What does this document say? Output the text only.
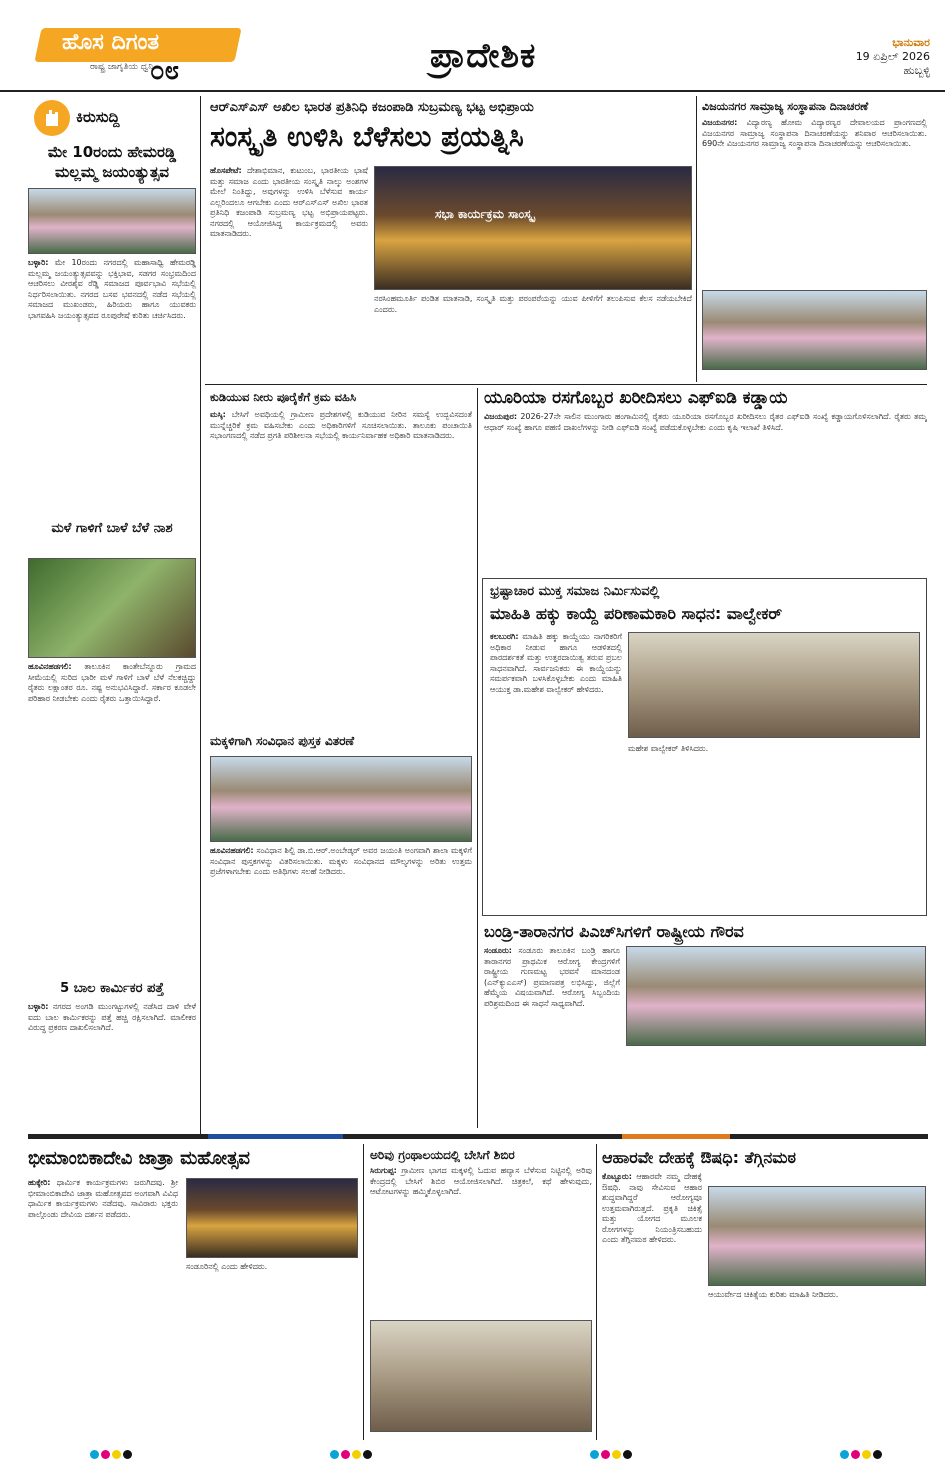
ಹೊಸ ದಿಗಂತ
೦೮
ರಾಷ್ಟ್ರ ಜಾಗೃತಿಯ ಧ್ವನಿ	ಪ್ರಾದೇಶಿಕ	ಭಾನುವಾರ
19 ಏಪ್ರಿಲ್ 2026
ಹುಬ್ಬಳ್ಳಿ
ಕಿರುಸುದ್ದಿ
ಮೇ 10ರಂದು ಹೇಮರಡ್ಡಿ ಮಲ್ಲಮ್ಮ ಜಯಂತ್ಯುತ್ಸವ
ಬಳ್ಳಾರಿ: ಮೇ 10ರಂದು ನಗರದಲ್ಲಿ ಮಹಾಸಾಧ್ವಿ ಹೇಮರಡ್ಡಿ ಮಲ್ಲಮ್ಮ ಜಯಂತ್ಯುತ್ಸವವನ್ನು ಭಕ್ತಿಭಾವ, ಸಡಗರ ಸಂಭ್ರಮದಿಂದ ಆಚರಿಸಲು ವೀರಶೈವ ರೆಡ್ಡಿ ಸಮಾಜದ ಪೂರ್ವಭಾವಿ ಸಭೆಯಲ್ಲಿ ನಿರ್ಧರಿಸಲಾಯಿತು. ನಗರದ ಬಸವ ಭವನದಲ್ಲಿ ನಡೆದ ಸಭೆಯಲ್ಲಿ ಸಮಾಜದ ಮುಖಂಡರು, ಹಿರಿಯರು ಹಾಗೂ ಯುವಕರು ಭಾಗವಹಿಸಿ ಜಯಂತ್ಯುತ್ಸವದ ರೂಪುರೇಷೆ ಕುರಿತು ಚರ್ಚಿಸಿದರು.
ಮಳೆ ಗಾಳಿಗೆ ಬಾಳೆ ಬೆಳೆ ನಾಶ
ಹೂವಿನಹಡಗಲಿ: ತಾಲೂಕಿನ ಕಾಂತೇಬೆನ್ನೂರು ಗ್ರಾಮದ ಸೀಮೆಯಲ್ಲಿ ಸುರಿದ ಭಾರೀ ಮಳೆ ಗಾಳಿಗೆ ಬಾಳೆ ಬೆಳೆ ನೆಲಕಚ್ಚಿದ್ದು ರೈತರು ಲಕ್ಷಾಂತರ ರೂ. ನಷ್ಟ ಅನುಭವಿಸಿದ್ದಾರೆ. ಸರ್ಕಾರ ಕೂಡಲೇ ಪರಿಹಾರ ನೀಡಬೇಕು ಎಂದು ರೈತರು ಒತ್ತಾಯಿಸಿದ್ದಾರೆ.
5 ಬಾಲ ಕಾರ್ಮಿಕರ ಪತ್ತೆ
ಬಳ್ಳಾರಿ: ನಗರದ ಅಂಗಡಿ ಮುಂಗಟ್ಟುಗಳಲ್ಲಿ ನಡೆಸಿದ ದಾಳಿ ವೇಳೆ ಐದು ಬಾಲ ಕಾರ್ಮಿಕರನ್ನು ಪತ್ತೆ ಹಚ್ಚಿ ರಕ್ಷಿಸಲಾಗಿದೆ. ಮಾಲೀಕರ ವಿರುದ್ಧ ಪ್ರಕರಣ ದಾಖಲಿಸಲಾಗಿದೆ.
ಆರ್‌ಎಸ್‌ಎಸ್ ಅಖಿಲ ಭಾರತ ಪ್ರತಿನಿಧಿ ಕಜಂಪಾಡಿ ಸುಬ್ರಮಣ್ಯ ಭಟ್ಟ ಅಭಿಪ್ರಾಯ
ಸಂಸ್ಕೃತಿ ಉಳಿಸಿ ಬೆಳೆಸಲು ಪ್ರಯತ್ನಿಸಿ
ಹೊಸಪೇಟೆ: ದೇಶಾಭಿಮಾನ, ಕುಟುಂಬ, ಭಾರತೀಯ ಭಾಷೆ ಮತ್ತು ಸಮಾಜ ಎಂದು ಭಾರತೀಯ ಸಂಸ್ಕೃತಿ ನಾಲ್ಕು ಅಂಶಗಳ ಮೇಲೆ ನಿಂತಿದ್ದು, ಅವುಗಳನ್ನು ಉಳಿಸಿ ಬೆಳೆಸುವ ಕಾರ್ಯ ಎಲ್ಲರಿಂದಲೂ ಆಗಬೇಕು ಎಂದು ಆರ್‌ಎಸ್‌ಎಸ್ ಅಖಿಲ ಭಾರತ ಪ್ರತಿನಿಧಿ ಕಜಂಪಾಡಿ ಸುಬ್ರಮಣ್ಯ ಭಟ್ಟ ಅಭಿಪ್ರಾಯಪಟ್ಟರು. ನಗರದಲ್ಲಿ ಆಯೋಜಿಸಿದ್ದ ಕಾರ್ಯಕ್ರಮದಲ್ಲಿ ಅವರು ಮಾತನಾಡಿದರು.
ಸಭಾ ಕಾರ್ಯಕ್ರಮ ಸಾಂಸ್ಕೃ
ನರಸಿಂಹಮೂರ್ತಿ ಪಂಡಿತ ಮಾತನಾಡಿ, ಸಂಸ್ಕೃತಿ ಮತ್ತು ಪರಂಪರೆಯನ್ನು ಯುವ ಪೀಳಿಗೆಗೆ ತಲುಪಿಸುವ ಕೆಲಸ ನಡೆಯಬೇಕಿದೆ ಎಂದರು.
ವಿಜಯನಗರ ಸಾಮ್ರಾಜ್ಯ ಸಂಸ್ಥಾಪನಾ ದಿನಾಚರಣೆ
ವಿಜಯನಗರ: ವಿದ್ಯಾರಣ್ಯ ಹೋಮ ವಿದ್ಯಾರಣ್ಯರ ದೇವಾಲಯದ ಪ್ರಾಂಗಣದಲ್ಲಿ ವಿಜಯನಗರ ಸಾಮ್ರಾಜ್ಯ ಸಂಸ್ಥಾಪನಾ ದಿನಾಚರಣೆಯನ್ನು ಶನಿವಾರ ಆಚರಿಸಲಾಯಿತು. 690ನೇ ವಿಜಯನಗರ ಸಾಮ್ರಾಜ್ಯ ಸಂಸ್ಥಾಪನಾ ದಿನಾಚರಣೆಯನ್ನು ಆಚರಿಸಲಾಯಿತು.
ಕುಡಿಯುವ ನೀರು ಪೂರೈಕೆಗೆ ಕ್ರಮ ವಹಿಸಿ
ಮಸ್ಕಿ: ಬೇಸಿಗೆ ಅವಧಿಯಲ್ಲಿ ಗ್ರಾಮೀಣ ಪ್ರದೇಶಗಳಲ್ಲಿ ಕುಡಿಯುವ ನೀರಿನ ಸಮಸ್ಯೆ ಉದ್ಭವಿಸದಂತೆ ಮುನ್ನೆಚ್ಚರಿಕೆ ಕ್ರಮ ವಹಿಸಬೇಕು ಎಂದು ಅಧಿಕಾರಿಗಳಿಗೆ ಸೂಚಿಸಲಾಯಿತು. ತಾಲೂಕು ಪಂಚಾಯಿತಿ ಸಭಾಂಗಣದಲ್ಲಿ ನಡೆದ ಪ್ರಗತಿ ಪರಿಶೀಲನಾ ಸಭೆಯಲ್ಲಿ ಕಾರ್ಯನಿರ್ವಾಹಕ ಅಧಿಕಾರಿ ಮಾತನಾಡಿದರು.
ಯೂರಿಯಾ ರಸಗೊಬ್ಬರ ಖರೀದಿಸಲು ಎಫ್‌ಐಡಿ ಕಡ್ಡಾಯ
ವಿಜಯಪುರ: 2026-27ನೇ ಸಾಲಿನ ಮುಂಗಾರು ಹಂಗಾಮಿನಲ್ಲಿ ರೈತರು ಯೂರಿಯಾ ರಸಗೊಬ್ಬರ ಖರೀದಿಸಲು ರೈತರ ಎಫ್‌ಐಡಿ ಸಂಖ್ಯೆ ಕಡ್ಡಾಯಗೊಳಿಸಲಾಗಿದೆ. ರೈತರು ತಮ್ಮ ಆಧಾರ್ ಸಂಖ್ಯೆ ಹಾಗೂ ಪಹಣಿ ದಾಖಲೆಗಳನ್ನು ನೀಡಿ ಎಫ್‌ಐಡಿ ಸಂಖ್ಯೆ ಪಡೆದುಕೊಳ್ಳಬೇಕು ಎಂದು ಕೃಷಿ ಇಲಾಖೆ ತಿಳಿಸಿದೆ.
ಭ್ರಷ್ಟಾಚಾರ ಮುಕ್ತ ಸಮಾಜ ನಿರ್ಮಿಸುವಲ್ಲಿ
ಮಾಹಿತಿ ಹಕ್ಕು ಕಾಯ್ದೆ ಪರಿಣಾಮಕಾರಿ ಸಾಧನ: ವಾಲ್ವೇಕರ್
ಕಲಬುರಗಿ: ಮಾಹಿತಿ ಹಕ್ಕು ಕಾಯ್ದೆಯು ನಾಗರಿಕರಿಗೆ ಅಧಿಕಾರ ನೀಡುವ ಹಾಗೂ ಆಡಳಿತದಲ್ಲಿ ಪಾರದರ್ಶಕತೆ ಮತ್ತು ಉತ್ತರದಾಯಿತ್ವ ತರುವ ಪ್ರಬಲ ಸಾಧನವಾಗಿದೆ. ಸಾರ್ವಜನಿಕರು ಈ ಕಾಯ್ದೆಯನ್ನು ಸಮರ್ಪಕವಾಗಿ ಬಳಸಿಕೊಳ್ಳಬೇಕು ಎಂದು ಮಾಹಿತಿ ಆಯುಕ್ತ ಡಾ.ಮಹೇಶ ವಾಲ್ವೇಕರ್ ಹೇಳಿದರು.
ಮಹೇಶ ವಾಲ್ವೇಕರ್ ತಿಳಿಸಿದರು.
ಮಕ್ಕಳಿಗಾಗಿ ಸಂವಿಧಾನ ಪುಸ್ತಕ ವಿತರಣೆ
ಹೂವಿನಹಡಗಲಿ: ಸಂವಿಧಾನ ಶಿಲ್ಪಿ ಡಾ.ಬಿ.ಆರ್.ಅಂಬೇಡ್ಕರ್ ಅವರ ಜಯಂತಿ ಅಂಗವಾಗಿ ಶಾಲಾ ಮಕ್ಕಳಿಗೆ ಸಂವಿಧಾನ ಪುಸ್ತಕಗಳನ್ನು ವಿತರಿಸಲಾಯಿತು. ಮಕ್ಕಳು ಸಂವಿಧಾನದ ಮೌಲ್ಯಗಳನ್ನು ಅರಿತು ಉತ್ತಮ ಪ್ರಜೆಗಳಾಗಬೇಕು ಎಂದು ಅತಿಥಿಗಳು ಸಲಹೆ ನೀಡಿದರು.
ಬಂಡ್ರಿ-ತಾರಾನಗರ ಪಿಎಚ್‌ಸಿಗಳಿಗೆ ರಾಷ್ಟ್ರೀಯ ಗೌರವ
ಸಂಡೂರು: ಸಂಡೂರು ತಾಲೂಕಿನ ಬಂಡ್ರಿ ಹಾಗೂ ತಾರಾನಗರ ಪ್ರಾಥಮಿಕ ಆರೋಗ್ಯ ಕೇಂದ್ರಗಳಿಗೆ ರಾಷ್ಟ್ರೀಯ ಗುಣಮಟ್ಟ ಭರವಸೆ ಮಾನದಂಡ (ಎನ್‌ಕ್ಯುಎಎಸ್) ಪ್ರಮಾಣಪತ್ರ ಲಭಿಸಿದ್ದು, ಜಿಲ್ಲೆಗೆ ಹೆಮ್ಮೆಯ ವಿಷಯವಾಗಿದೆ. ಆರೋಗ್ಯ ಸಿಬ್ಬಂದಿಯ ಪರಿಶ್ರಮದಿಂದ ಈ ಸಾಧನೆ ಸಾಧ್ಯವಾಗಿದೆ.
ಭೀಮಾಂಬಿಕಾದೇವಿ ಜಾತ್ರಾ ಮಹೋತ್ಸವ
ಹುಕ್ಕೇರಿ: ಧಾರ್ಮಿಕ ಕಾರ್ಯಕ್ರಮಗಳು ಜರುಗಿದವು. ಶ್ರೀ ಭೀಮಾಂಬಿಕಾದೇವಿ ಜಾತ್ರಾ ಮಹೋತ್ಸವದ ಅಂಗವಾಗಿ ವಿವಿಧ ಧಾರ್ಮಿಕ ಕಾರ್ಯಕ್ರಮಗಳು ನಡೆದವು. ಸಾವಿರಾರು ಭಕ್ತರು ಪಾಲ್ಗೊಂಡು ದೇವಿಯ ದರ್ಶನ ಪಡೆದರು.
ಸಂಡೂರಿನಲ್ಲಿ ಎಂದು ಹೇಳಿದರು.
ಅರಿವು ಗ್ರಂಥಾಲಯದಲ್ಲಿ ಬೇಸಿಗೆ ಶಿಬಿರ
ಸಿರುಗುಪ್ಪ: ಗ್ರಾಮೀಣ ಭಾಗದ ಮಕ್ಕಳಲ್ಲಿ ಓದುವ ಹವ್ಯಾಸ ಬೆಳೆಸುವ ನಿಟ್ಟಿನಲ್ಲಿ ಅರಿವು ಕೇಂದ್ರದಲ್ಲಿ ಬೇಸಿಗೆ ಶಿಬಿರ ಆಯೋಜಿಸಲಾಗಿದೆ. ಚಿತ್ರಕಲೆ, ಕಥೆ ಹೇಳುವುದು, ಆಟೋಟಗಳನ್ನು ಹಮ್ಮಿಕೊಳ್ಳಲಾಗಿದೆ.
ಆಹಾರವೇ ದೇಹಕ್ಕೆ ಔಷಧಿ: ತೆಗ್ಗಿನಮಠ
ಕೊಟ್ಟೂರು: ಆಹಾರವೇ ನಮ್ಮ ದೇಹಕ್ಕೆ ಔಷಧಿ. ನಾವು ಸೇವಿಸುವ ಆಹಾರ ಶುದ್ಧವಾಗಿದ್ದರೆ ಆರೋಗ್ಯವೂ ಉತ್ತಮವಾಗಿರುತ್ತದೆ. ಪ್ರಕೃತಿ ಚಿಕಿತ್ಸೆ ಮತ್ತು ಯೋಗದ ಮೂಲಕ ರೋಗಗಳನ್ನು ನಿಯಂತ್ರಿಸಬಹುದು ಎಂದು ತೆಗ್ಗಿನಮಠ ಹೇಳಿದರು.
ಆಯುರ್ವೇದ ಚಿಕಿತ್ಸೆಯ ಕುರಿತು ಮಾಹಿತಿ ನೀಡಿದರು.
